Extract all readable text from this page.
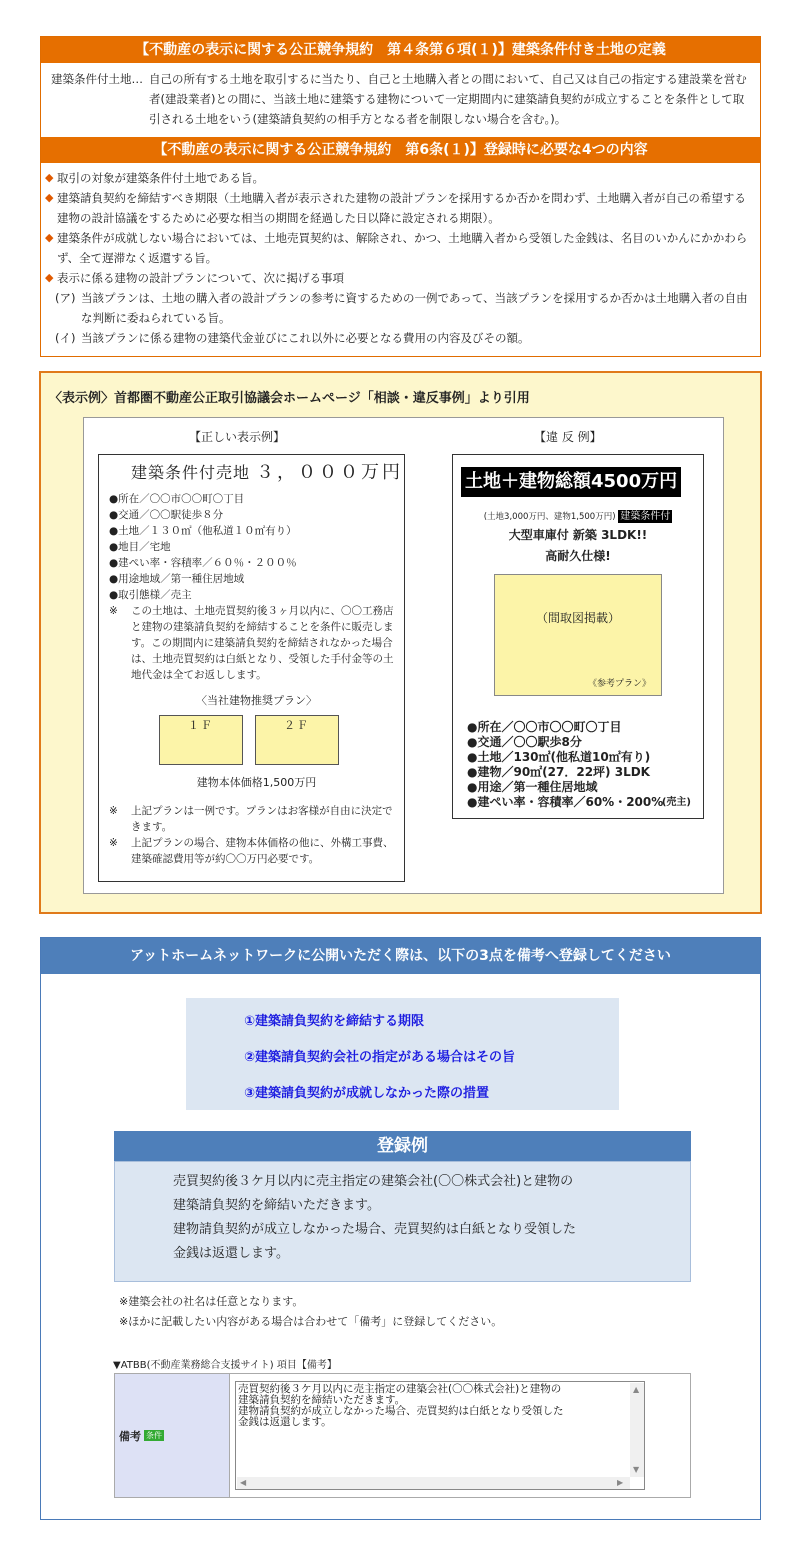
【不動産の表示に関する公正競争規約　第４条第６項(１)】建築条件付き土地の定義
建築条件付土地… 自己の所有する土地を取引するに当たり、自己と土地購入者との間において、自己又は自己の指定する建設業を営む者(建設業者)との間に、当該土地に建築する建物について一定期間内に建築請負契約が成立することを条件として取引される土地をいう(建築請負契約の相手方となる者を制限しない場合を含む。)。
【不動産の表示に関する公正競争規約　第6条(１)】登録時に必要な4つの内容
◆ 取引の対象が建築条件付土地である旨。
◆ 建築請負契約を締結すべき期限（土地購入者が表示された建物の設計プランを採用するか否かを問わず、土地購入者が自己の希望する建物の設計協議をするために必要な相当の期間を経過した日以降に設定される期限）。
◆ 建築条件が成就しない場合においては、土地売買契約は、解除され、かつ、土地購入者から受領した金銭は、名目のいかんにかかわらず、全て遅滞なく返還する旨。
◆ 表示に係る建物の設計プランについて、次に掲げる事項
(ア) 当該プランは、土地の購入者の設計プランの参考に資するための一例であって、当該プランを採用するか否かは土地購入者の自由な判断に委ねられている旨。
(イ) 当該プランに係る建物の建築代金並びにこれ以外に必要となる費用の内容及びその額。
〈表示例〉首都圏不動産公正取引協議会ホームページ「相談・違反事例」より引用
【正しい表示例】	【違 反 例】
建築条件付売地 ３，０００万円
●所在／〇〇市〇〇町〇丁目
●交通／〇〇駅徒歩８分
●土地／１３０㎡（他私道１０㎡有り）
●地目／宅地
●建ぺい率・容積率／６０％・２００％
●用途地域／第一種住居地域
●取引態様／売主
※	この土地は、土地売買契約後３ヶ月以内に、〇〇工務店と建物の建築請負契約を締結することを条件に販売します。この期間内に建築請負契約を締結されなかった場合は、土地売買契約は白紙となり、受領した手付金等の土地代金は全てお返しします。
〈当社建物推奨プラン〉
１Ｆ	２Ｆ
建物本体価格1,500万円
※	上記プランは一例です。プランはお客様が自由に決定できます。
※	上記プランの場合、建物本体価格の他に、外構工事費、建築確認費用等が約〇〇万円必要です。
土地＋建物総額4500万円
(土地3,000万円、建物1,500万円) 建築条件付
大型車庫付 新築 3LDK!!
高耐久仕様!
（間取図掲載）
《参考プラン》
●所在／〇〇市〇〇町〇丁目
●交通／〇〇駅歩8分
●土地／130㎡(他私道10㎡有り)
●建物／90㎡(27．22坪) 3LDK
●用途／第一種住居地域
●建ぺい率・容積率／60%・200%
(売主)
アットホームネットワークに公開いただく際は、以下の3点を備考へ登録してください
①建築請負契約を締結する期限
②建築請負契約会社の指定がある場合はその旨
③建築請負契約が成就しなかった際の措置
登録例
売買契約後３ケ月以内に売主指定の建築会社(〇〇株式会社)と建物の
建築請負契約を締結いただきます。
建物請負契約が成立しなかった場合、売買契約は白紙となり受領した
金銭は返還します。
※建築会社の社名は任意となります。
※ほかに記載したい内容がある場合は合わせて「備考」に登録してください。
▼ATBB(不動産業務総合支援サイト) 項目【備考】
備考 条件
売買契約後３ケ月以内に売主指定の建築会社(〇〇株式会社)と建物の 建築請負契約を締結いただきます。 建物請負契約が成立しなかった場合、売買契約は白紙となり受領した 金銭は返還します。
▲
▼
◀	▶
